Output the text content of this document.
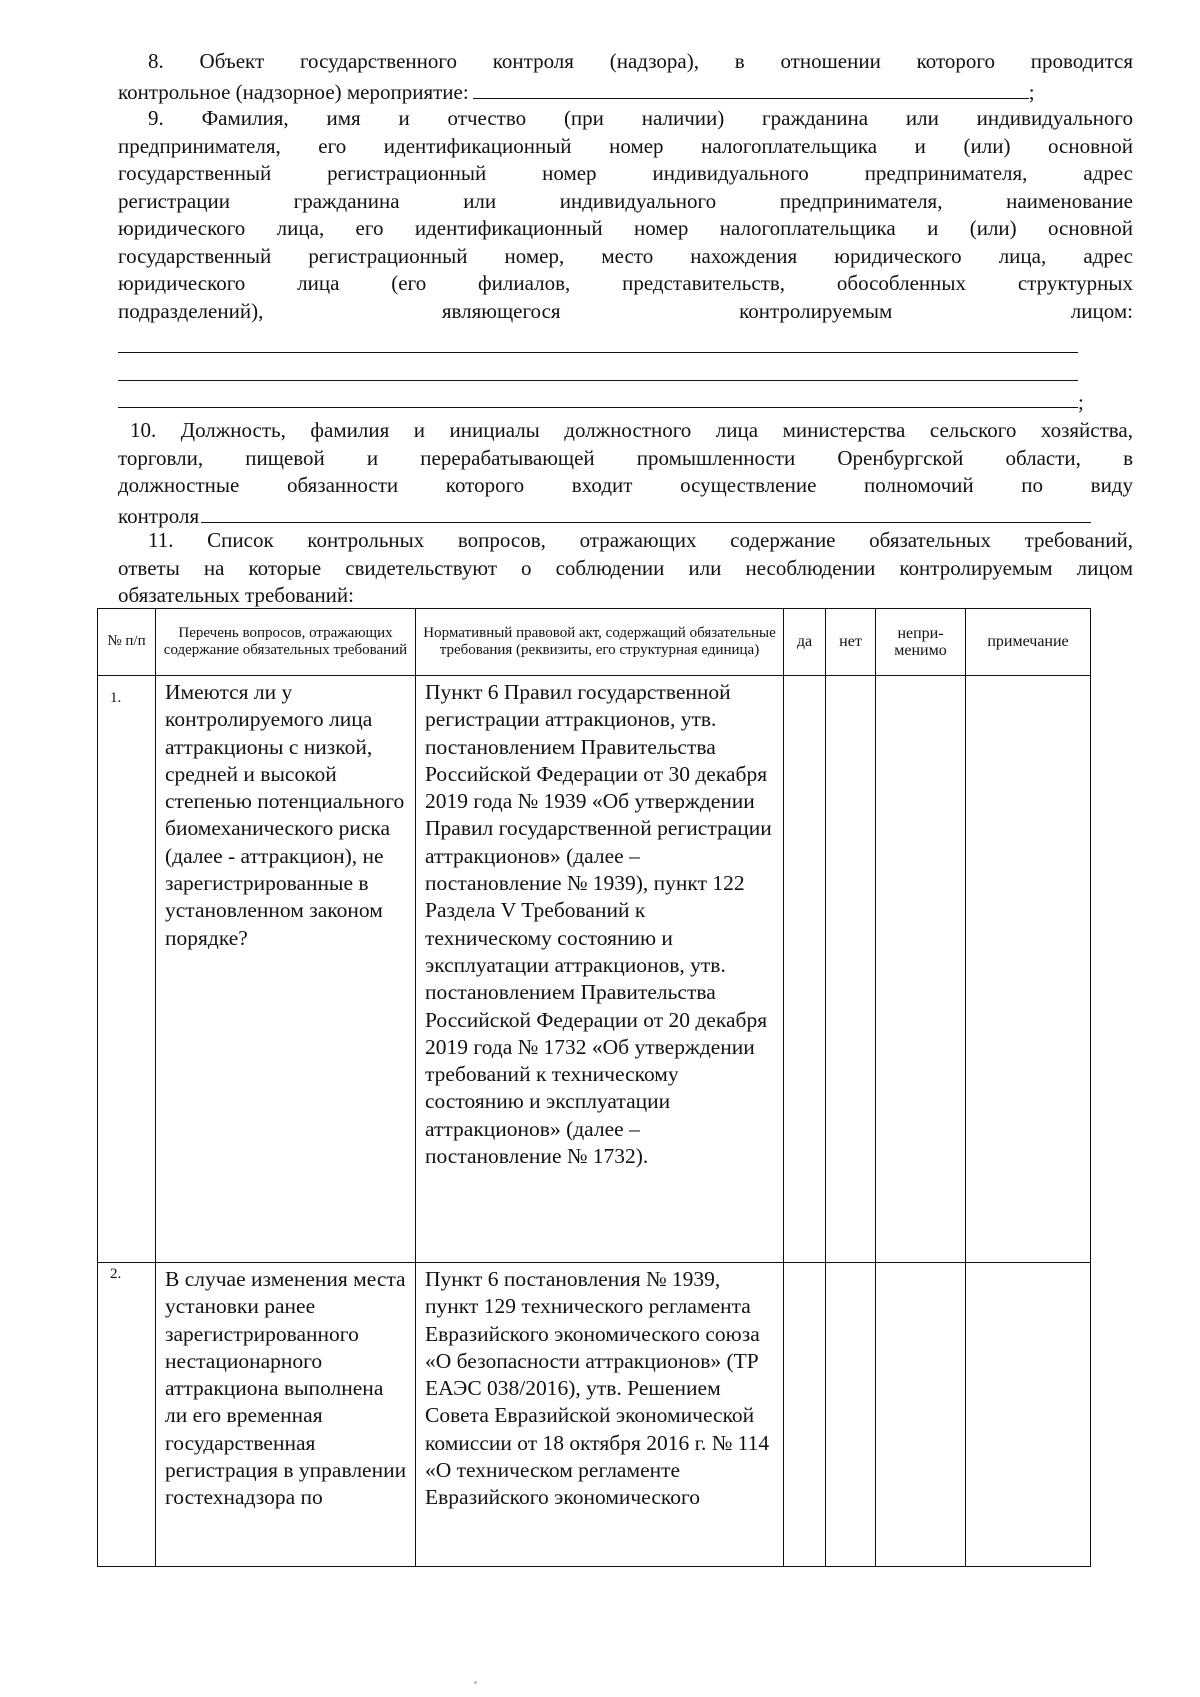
8. Объект государственного контроля (надзора), в отношении которого проводится
контрольное (надзорное) мероприятие:	;
9. Фамилия, имя и отчество (при наличии) гражданина или индивидуального
предпринимателя, его идентификационный номер налогоплательщика и (или) основной
государственный регистрационный номер индивидуального предпринимателя, адрес
регистрации гражданина или индивидуального предпринимателя, наименование
юридического лица, его идентификационный номер налогоплательщика и (или) основной
государственный регистрационный номер, место нахождения юридического лица, адрес
юридического лица (его филиалов, представительств, обособленных структурных
подразделений), являющегося контролируемым лицом:
;
10. Должность, фамилия и инициалы должностного лица министерства сельского хозяйства,
торговли, пищевой и перерабатывающей промышленности Оренбургской области, в
должностные обязанности которого входит осуществление полномочий по виду
контроля
11. Список контрольных вопросов, отражающих содержание обязательных требований,
ответы на которые свидетельствуют о соблюдении или несоблюдении контролируемым лицом
обязательных требований:
№ п/п	Перечень вопросов, отражающих содержание обязательных требований	Нормативный правовой акт, содержащий обязательные требования (реквизиты, его структурная единица)	да	нет	непри-менимо	примечание
1.	Имеются ли у контролируемого лица аттракционы с низкой, средней и высокой степенью потенциального биомеханического риска (далее - аттракцион), не зарегистрированные в установленном законом порядке?	Пункт 6 Правил государственной регистрации аттракционов, утв. постановлением Правительства Российской Федерации от 30 декабря 2019 года № 1939 «Об утверждении Правил государственной регистрации аттракционов» (далее – постановление № 1939), пункт 122 Раздела V Требований к техническому состоянию и эксплуатации аттракционов, утв. постановлением Правительства Российской Федерации от 20 декабря 2019 года № 1732 «Об утверждении требований к техническому состоянию и эксплуатации аттракционов» (далее – постановление № 1732).				
2.	В случае изменения места установки ранее зарегистрированного нестационарного аттракциона выполнена ли его временная государственная регистрация в управлении гостехнадзора по	Пункт 6 постановления № 1939, пункт 129 технического регламента Евразийского экономического союза «О безопасности аттракционов» (ТР ЕАЭС 038/2016), утв. Решением Совета Евразийской экономической комиссии от 18 октября 2016 г. № 114 «О техническом регламенте Евразийского экономического				
